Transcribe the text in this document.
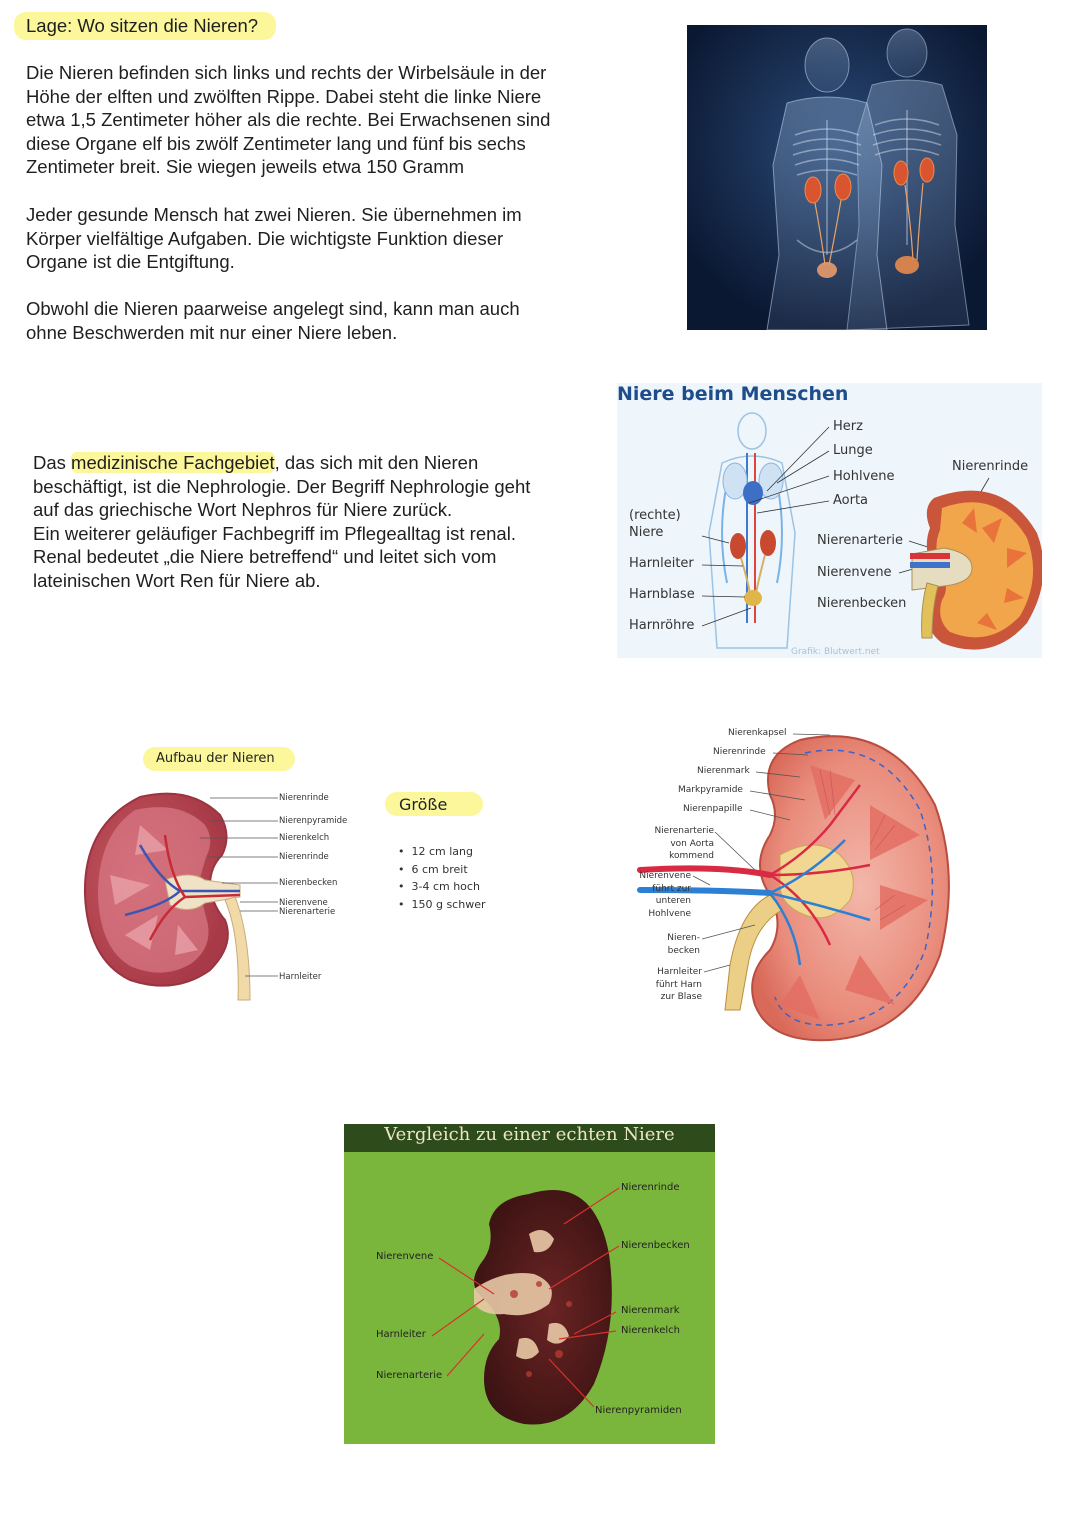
Lage: Wo sitzen die Nieren?

Die Nieren befinden sich links und rechts der Wirbelsäule in der

Höhe der elften und zwölften Rippe. Dabei steht die linke Niere

etwa 1,5 Zentimeter höher als die rechte. Bei Erwachsenen sind

diese Organe elf bis zwölf Zentimeter lang und fünf bis sechs

Zentimeter breit. Sie wiegen jeweils etwa 150 Gramm

Jeder gesunde Mensch hat zwei Nieren. Sie übernehmen im

Körper vielfältige Aufgaben. Die wichtigste Funktion dieser

Organe ist die Entgiftung.

Obwohl die Nieren paarweise angelegt sind, kann man auch

ohne Beschwerden mit nur einer Niere leben.

Das medizinische Fachgebiet, das sich mit den Nieren

beschäftigt, ist die Nephrologie. Der Begriff Nephrologie geht

auf das griechische Wort Nephros für Niere zurück.

Ein weiterer geläufiger Fachbegriff im Pflegealltag ist renal.

Renal bedeutet „die Niere betreffend“ und leitet sich vom

lateinischen Wort Ren für Niere ab.

Niere beim Menschen
Herz
Lunge
Hohlvene
Aorta
(rechte)
Niere
Harnleiter
Harnblase
Harnröhre
Nierenarterie
Nierenvene
Nierenbecken
Nierenrinde
Grafik: Blutwert.net
Aufbau der Nieren
Nierenrinde
Nierenpyramide
Nierenkelch
Nierenrinde
Nierenbecken
Nierenvene
Nierenarterie
Harnleiter
Größe
•  12 cm lang
•  6 cm breit
•  3-4 cm hoch
•  150 g schwer
Nierenkapsel
Nierenrinde
Nierenmark
Markpyramide
Nierenpapille
Nierenarterie
von Aorta
kommend
Nierenvene
führt zur
unteren
Hohlvene
Nieren-
becken
Harnleiter
führt Harn
zur Blase
Vergleich zu einer echten Niere
Nierenrinde
Nierenbecken
Nierenvene
Nierenmark
Nierenkelch
Harnleiter
Nierenarterie
Nierenpyramiden
